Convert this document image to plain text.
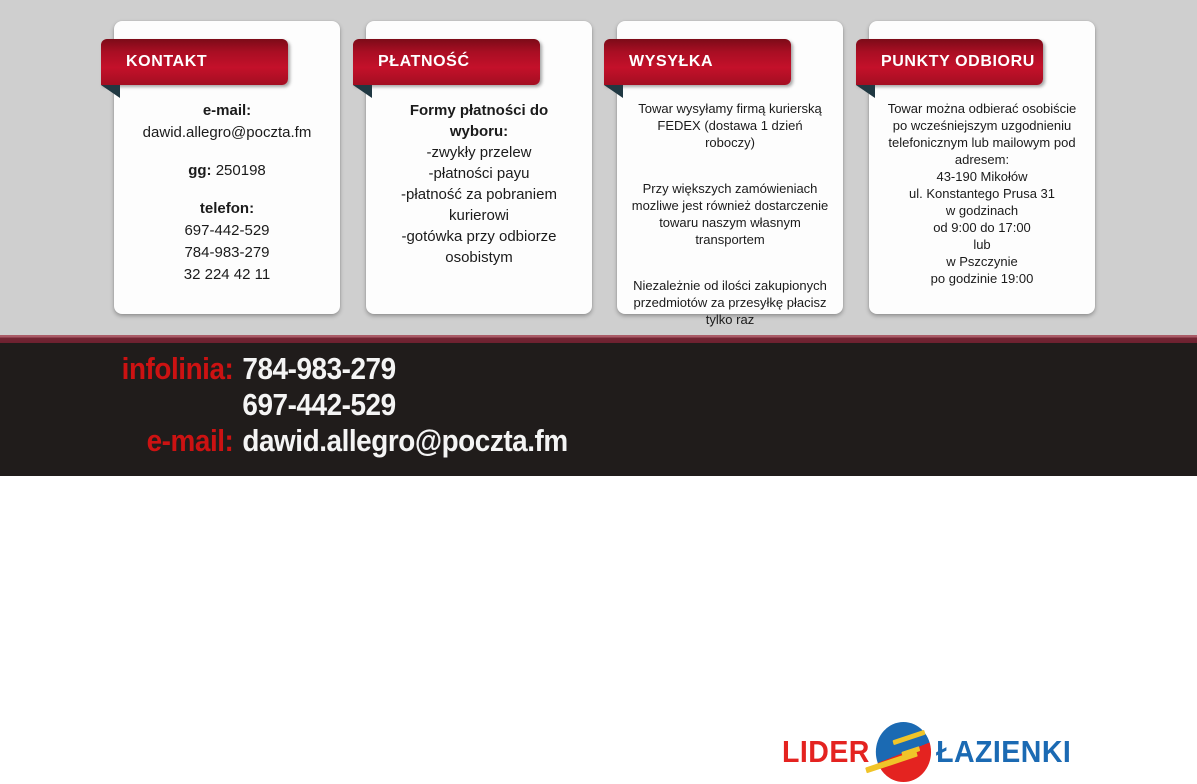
KONTAKT
e-mail:
dawid.allegro@poczta.fm
gg: 250198
telefon:
697-442-529
784-983-279
32 224 42 11
PŁATNOŚĆ
Formy płatności do
wyboru:
-zwykły przelew
-płatności payu
-płatność za pobraniem
kurierowi
-gotówka przy odbiorze
osobistym
WYSYŁKA
Towar wysyłamy firmą kurierską
FEDEX (dostawa 1 dzień
roboczy)
Przy większych zamówieniach
mozliwe jest również dostarczenie
towaru naszym własnym
transportem
Niezależnie od ilości zakupionych
przedmiotów za przesyłkę płacisz
tylko raz
PUNKTY ODBIORU
Towar można odbierać osobiście
po wcześniejszym uzgodnieniu
telefonicznym lub mailowym pod
adresem:
43-190 Mikołów
ul. Konstantego Prusa 31
w godzinach
od 9:00 do 17:00
lub
w Pszczynie
po godzinie 19:00
infolinia: 784-983-279
697-442-529
e-mail: dawid.allegro@poczta.fm
LIDER ŁAZIENKI
